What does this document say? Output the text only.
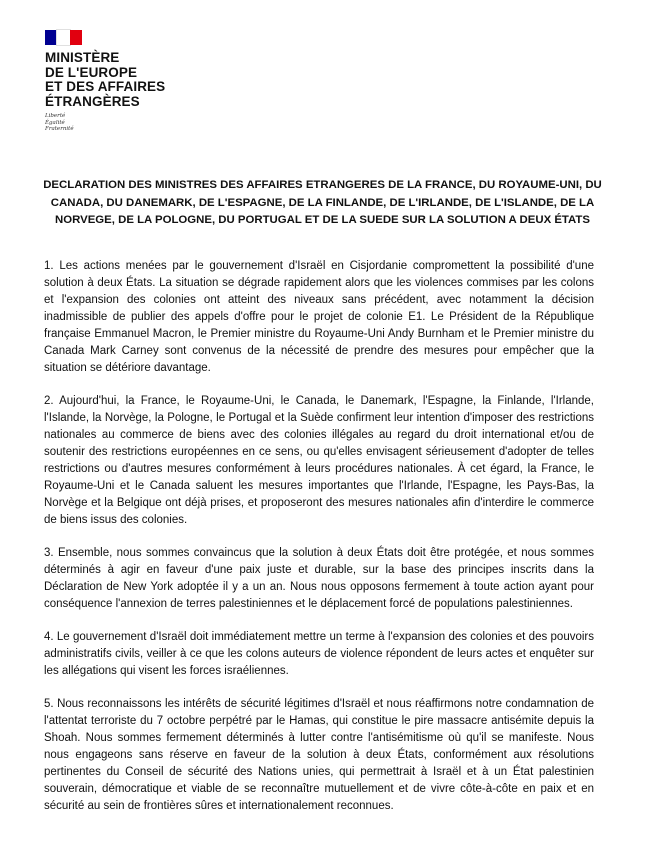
MINISTÈRE
DE L'EUROPE
ET DES AFFAIRES
ÉTRANGÈRES
Liberté
Égalité
Fraternité
DECLARATION DES MINISTRES DES AFFAIRES ETRANGERES DE LA FRANCE, DU ROYAUME-UNI, DU CANADA, DU DANEMARK, DE L'ESPAGNE, DE LA FINLANDE, DE L'IRLANDE, DE L'ISLANDE, DE LA NORVEGE, DE LA POLOGNE, DU PORTUGAL ET DE LA SUEDE SUR LA SOLUTION A DEUX ÉTATS

1. Les actions menées par le gouvernement d'Israël en Cisjordanie compromettent la possibilité d'une solution à deux États. La situation se dégrade rapidement alors que les violences commises par les colons et l'expansion des colonies ont atteint des niveaux sans précédent, avec notamment la décision inadmissible de publier des appels d'offre pour le projet de colonie E1. Le Président de la République française Emmanuel Macron, le Premier ministre du Royaume-Uni Andy Burnham et le Premier ministre du Canada Mark Carney sont convenus de la nécessité de prendre des mesures pour empêcher que la situation se détériore davantage.

2. Aujourd'hui, la France, le Royaume-Uni, le Canada, le Danemark, l'Espagne, la Finlande, l'Irlande, l'Islande, la Norvège, la Pologne, le Portugal et la Suède confirment leur intention d'imposer des restrictions nationales au commerce de biens avec des colonies illégales au regard du droit international et/ou de soutenir des restrictions européennes en ce sens, ou qu'elles envisagent sérieusement d'adopter de telles restrictions ou d'autres mesures conformément à leurs procédures nationales. À cet égard, la France, le Royaume-Uni et le Canada saluent les mesures importantes que l'Irlande, l'Espagne, les Pays-Bas, la Norvège et la Belgique ont déjà prises, et proposeront des mesures nationales afin d'interdire le commerce de biens issus des colonies.

3. Ensemble, nous sommes convaincus que la solution à deux États doit être protégée, et nous sommes déterminés à agir en faveur d'une paix juste et durable, sur la base des principes inscrits dans la Déclaration de New York adoptée il y a un an. Nous nous opposons fermement à toute action ayant pour conséquence l'annexion de terres palestiniennes et le déplacement forcé de populations palestiniennes.

4. Le gouvernement d'Israël doit immédiatement mettre un terme à l'expansion des colonies et des pouvoirs administratifs civils, veiller à ce que les colons auteurs de violence répondent de leurs actes et enquêter sur les allégations qui visent les forces israéliennes.

5. Nous reconnaissons les intérêts de sécurité légitimes d'Israël et nous réaffirmons notre condamnation de l'attentat terroriste du 7 octobre perpétré par le Hamas, qui constitue le pire massacre antisémite depuis la Shoah. Nous sommes fermement déterminés à lutter contre l'antisémitisme où qu'il se manifeste. Nous nous engageons sans réserve en faveur de la solution à deux États, conformément aux résolutions pertinentes du Conseil de sécurité des Nations unies, qui permettrait à Israël et à un État palestinien souverain, démocratique et viable de se reconnaître mutuellement et de vivre côte-à-côte en paix et en sécurité au sein de frontières sûres et internationalement reconnues.
